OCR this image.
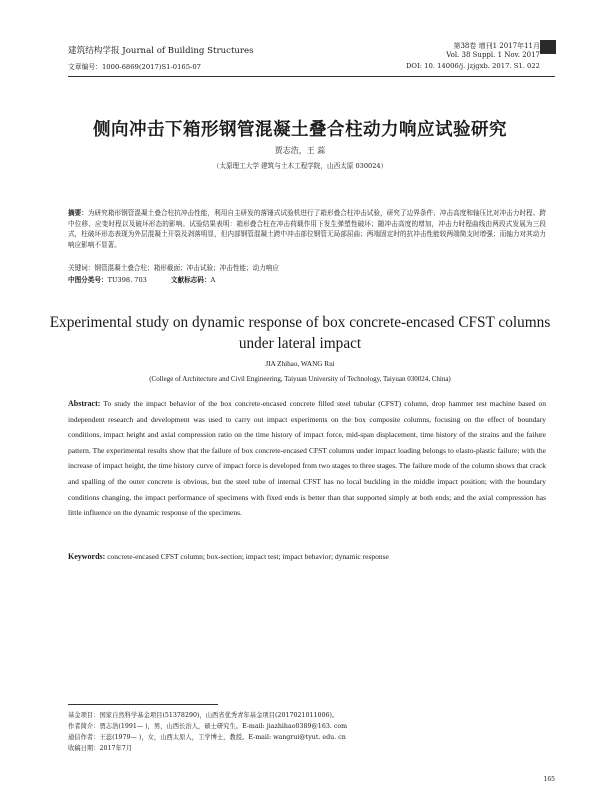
建筑结构学报 Journal of Building Structures
文章编号：1000-6869(2017)S1-0165-07
第38卷 增刊1 2017年11月
Vol. 38 Suppl. 1 Nov. 2017
DOI: 10. 14006/j. jzjgxb. 2017. S1. 022
侧向冲击下箱形钢管混凝土叠合柱动力响应试验研究
贾志浩，王 蕊
（太原理工大学 建筑与土木工程学院，山西太原 030024）
摘要：为研究箱形钢管混凝土叠合柱抗冲击性能，利用自主研发的落锤式试验机进行了箱形叠合柱冲击试验，研究了边界条件、冲击高度和轴压比对冲击力时程、跨中位移、应变时程以及破坏形态的影响。试验结果表明：箱形叠合柱在冲击荷载作用下发生弹塑性破坏；随冲击高度的增加，冲击力时程曲线由两段式发展为三段式，柱破坏形态表现为外层混凝土开裂及剥落明显，但内部钢管混凝土跨中冲击部位钢管无局部屈曲；两端固定时的抗冲击性能较两端简支时增强；而轴力对其动力响应影响不显著。
关键词：钢管混凝土叠合柱；箱形截面；冲击试验；冲击性能；动力响应
中图分类号：TU398. 703	文献标志码：A
Experimental study on dynamic response of box concrete-encased CFST columns under lateral impact
JIA Zhihao, WANG Rui
(College of Architecture and Civil Engineering, Taiyuan University of Technology, Taiyuan 030024, China)
Abstract: To study the impact behavior of the box concrete-encased concrete filled steel tubular (CFST) column, drop hammer test machine based on independent research and development was used to carry out impact experiments on the box composite columns, focusing on the effect of boundary conditions, impact height and axial compression ratio on the time history of impact force, mid-span displacement, time history of the strains and the failure pattern. The experimental results show that the failure of box concrete-encased CFST columns under impact loading belongs to elasto-plastic failure; with the increase of impact height, the time history curve of impact force is developed from two stages to three stages. The failure mode of the column shows that crack and spalling of the outer concrete is obvious, but the steel tube of internal CFST has no local buckling in the middle impact position; with the boundary conditions changing, the impact performance of specimens with fixed ends is better than that supported simply at both ends; and the axial compression has little influence on the dynamic response of the specimens.
Keywords: concrete-encased CFST column; box-section; impact test; impact behavior; dynamic response
基金项目：国家自然科学基金项目(51378290)，山西省优秀青年基金项目(2017021011006)。
作者简介：贾志浩(1991— )，男，山西长治人，硕士研究生。E-mail: jiazhihao0389@163. com
通信作者：王蕊(1979— )，女，山西太原人，工学博士，教授。E-mail: wangrui@tyut. edu. cn
收稿日期：2017年7月
165
